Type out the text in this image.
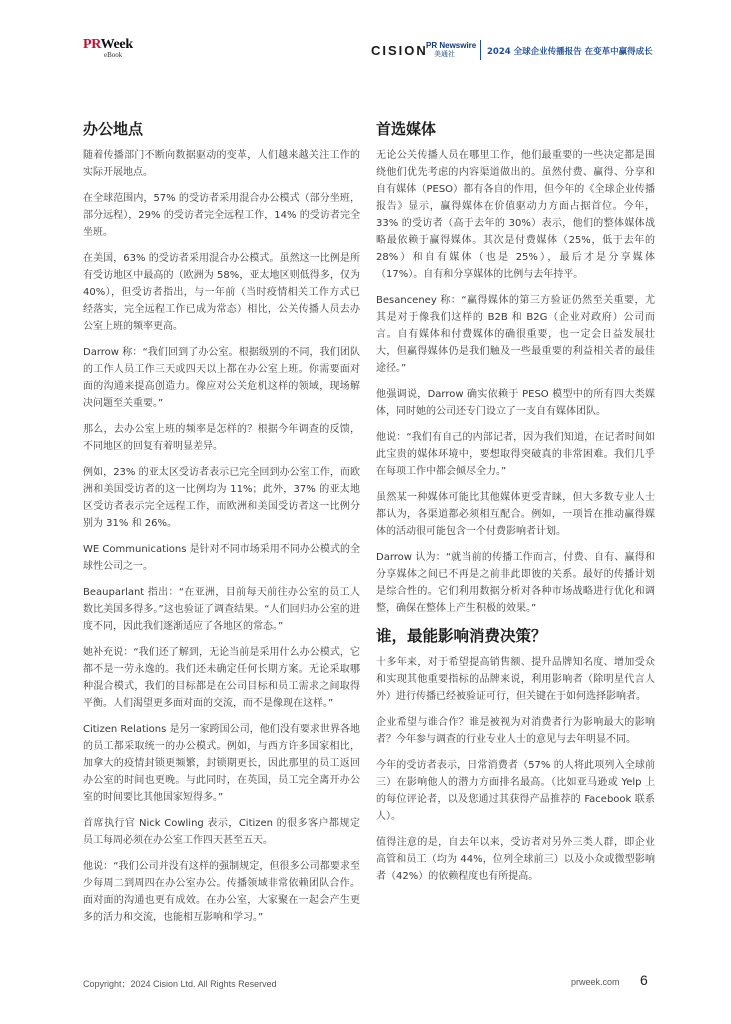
PRWeek
eBook	CISION
PR Newswire
美通社	2024 全球企业传播报告 在变革中赢得成长
办公地点

随着传播部门不断向数据驱动的变革，人们越来越关注工作的实际开展地点。

在全球范围内，57% 的受访者采用混合办公模式（部分坐班，部分远程），29% 的受访者完全远程工作，14% 的受访者完全坐班。

在美国，63% 的受访者采用混合办公模式。虽然这一比例是所有受访地区中最高的（欧洲为 58%，亚太地区则低得多，仅为 40%），但受访者指出，与一年前（当时疫情相关工作方式已经落实，完全远程工作已成为常态）相比，公关传播人员去办公室上班的频率更高。

Darrow 称：“我们回到了办公室。根据级别的不同，我们团队的工作人员工作三天或四天以上都在办公室上班。你需要面对面的沟通来提高创造力。像应对公关危机这样的领域，现场解决问题至关重要。”

那么，去办公室上班的频率是怎样的？根据今年调查的反馈，不同地区的回复有着明显差异。

例如，23% 的亚太区受访者表示已完全回到办公室工作，而欧洲和美国受访者的这一比例均为 11%；此外，37% 的亚太地区受访者表示完全远程工作，而欧洲和美国受访者这一比例分别为 31% 和 26%。

WE Communications 是针对不同市场采用不同办公模式的全球性公司之一。

Beauparlant 指出：“在亚洲，目前每天前往办公室的员工人数比美国多得多。”这也验证了调查结果。“人们回归办公室的进度不同，因此我们逐渐适应了各地区的常态。”

她补充说：“我们还了解到，无论当前是采用什么办公模式，它都不是一劳永逸的。我们还未确定任何长期方案。无论采取哪种混合模式，我们的目标都是在公司目标和员工需求之间取得平衡。人们渴望更多面对面的交流，而不是像现在这样。”

Citizen Relations 是另一家跨国公司，他们没有要求世界各地的员工都采取统一的办公模式。例如，与西方许多国家相比，加拿大的疫情封锁更频繁，封锁期更长，因此那里的员工返回办公室的时间也更晚。与此同时，在英国，员工完全离开办公室的时间要比其他国家短得多。”

首席执行官 Nick Cowling 表示，Citizen 的很多客户都规定员工每周必须在办公室工作四天甚至五天。

他说：“我们公司并没有这样的强制规定，但很多公司都要求至少每周二到周四在办公室办公。传播领域非常依赖团队合作。面对面的沟通也更有成效。在办公室，大家聚在一起会产生更多的活力和交流，也能相互影响和学习。”

首选媒体

无论公关传播人员在哪里工作，他们最重要的一些决定都是围绕他们优先考虑的内容渠道做出的。虽然付费、赢得、分享和自有媒体（PESO）都有各自的作用，但今年的《全球企业传播报告》显示，赢得媒体在价值驱动力方面占据首位。今年，33% 的受访者（高于去年的 30%）表示，他们的整体媒体战略最依赖于赢得媒体。其次是付费媒体（25%，低于去年的 28%）和自有媒体（也是 25%），最后才是分享媒体（17%）。自有和分享媒体的比例与去年持平。

Besanceney 称：“赢得媒体的第三方验证仍然至关重要，尤其是对于像我们这样的 B2B 和 B2G（企业对政府）公司而言。自有媒体和付费媒体的确很重要，也一定会日益发展壮大，但赢得媒体仍是我们触及一些最重要的利益相关者的最佳途径。”

他强调说，Darrow 确实依赖于 PESO 模型中的所有四大类媒体，同时她的公司还专门设立了一支自有媒体团队。

他说：“我们有自己的内部记者，因为我们知道，在记者时间如此宝贵的媒体环境中，要想取得突破真的非常困难。我们几乎在每项工作中都会倾尽全力。”

虽然某一种媒体可能比其他媒体更受青睐，但大多数专业人士都认为，各渠道都必须相互配合。例如，一项旨在推动赢得媒体的活动很可能包含一个付费影响者计划。

Darrow 认为：“就当前的传播工作而言，付费、自有、赢得和分享媒体之间已不再是之前非此即彼的关系。最好的传播计划是综合性的。它们利用数据分析对各种市场战略进行优化和调整，确保在整体上产生积极的效果。”

谁，最能影响消费决策？

十多年来，对于希望提高销售额、提升品牌知名度、增加受众和实现其他重要指标的品牌来说，利用影响者（除明星代言人外）进行传播已经被验证可行，但关键在于如何选择影响者。

企业希望与谁合作？谁是被视为对消费者行为影响最大的影响者？今年参与调查的行业专业人士的意见与去年明显不同。

今年的受访者表示，日常消费者（57% 的人将此项列入全球前三）在影响他人的潜力方面排名最高。（比如亚马逊或 Yelp 上的每位评论者，以及您通过其获得产品推荐的 Facebook 联系人）。

值得注意的是，自去年以来，受访者对另外三类人群，即企业高管和员工（均为 44%，位列全球前三）以及小众或微型影响者（42%）的依赖程度也有所提高。

Copyright；2024 Cision Ltd. All Rights Reserved	prweek.com 6
